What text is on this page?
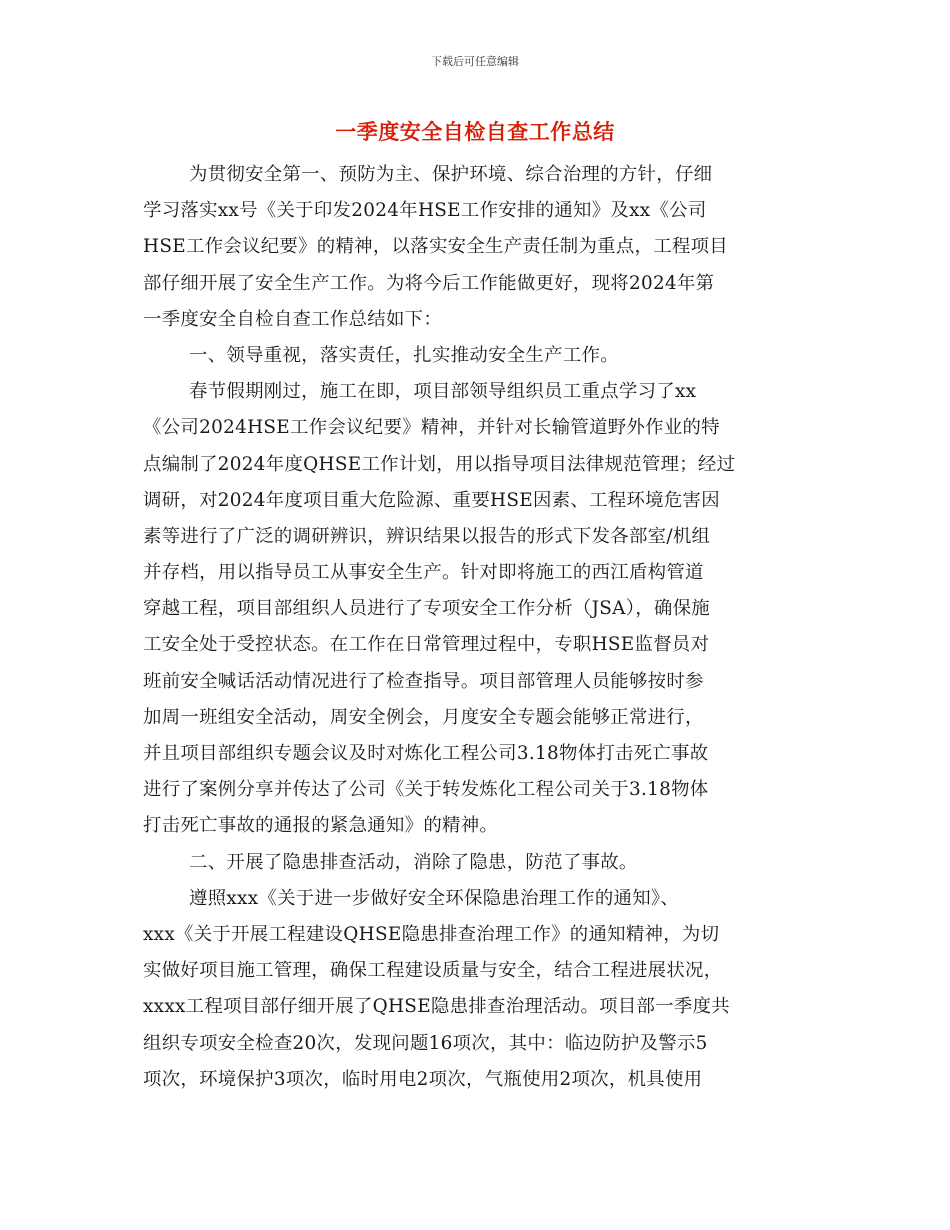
下载后可任意编辑
一季度安全自检自查工作总结
为贯彻安全第一、预防为主、保护环境、综合治理的方针，仔细
学习落实xx号《关于印发2024年HSE工作安排的通知》及xx《公司
HSE工作会议纪要》的精神，以落实安全生产责任制为重点，工程项目
部仔细开展了安全生产工作。为将今后工作能做更好，现将2024年第
一季度安全自检自查工作总结如下：
一、领导重视，落实责任，扎实推动安全生产工作。
春节假期刚过，施工在即，项目部领导组织员工重点学习了xx
《公司2024HSE工作会议纪要》精神，并针对长输管道野外作业的特
点编制了2024年度QHSE工作计划，用以指导项目法律规范管理；经过
调研，对2024年度项目重大危险源、重要HSE因素、工程环境危害因
素等进行了广泛的调研辨识，辨识结果以报告的形式下发各部室/机组
并存档，用以指导员工从事安全生产。针对即将施工的西江盾构管道
穿越工程，项目部组织人员进行了专项安全工作分析（JSA），确保施
工安全处于受控状态。在工作在日常管理过程中，专职HSE监督员对
班前安全喊话活动情况进行了检查指导。项目部管理人员能够按时参
加周一班组安全活动，周安全例会，月度安全专题会能够正常进行，
并且项目部组织专题会议及时对炼化工程公司3.18物体打击死亡事故
进行了案例分享并传达了公司《关于转发炼化工程公司关于3.18物体
打击死亡事故的通报的紧急通知》的精神。
二、开展了隐患排查活动，消除了隐患，防范了事故。
遵照xxx《关于进一步做好安全环保隐患治理工作的通知》、
xxx《关于开展工程建设QHSE隐患排查治理工作》的通知精神，为切
实做好项目施工管理，确保工程建设质量与安全，结合工程进展状况，
xxxx工程项目部仔细开展了QHSE隐患排查治理活动。项目部一季度共
组织专项安全检查20次，发现问题16项次，其中：临边防护及警示5
项次，环境保护3项次，临时用电2项次，气瓶使用2项次，机具使用
